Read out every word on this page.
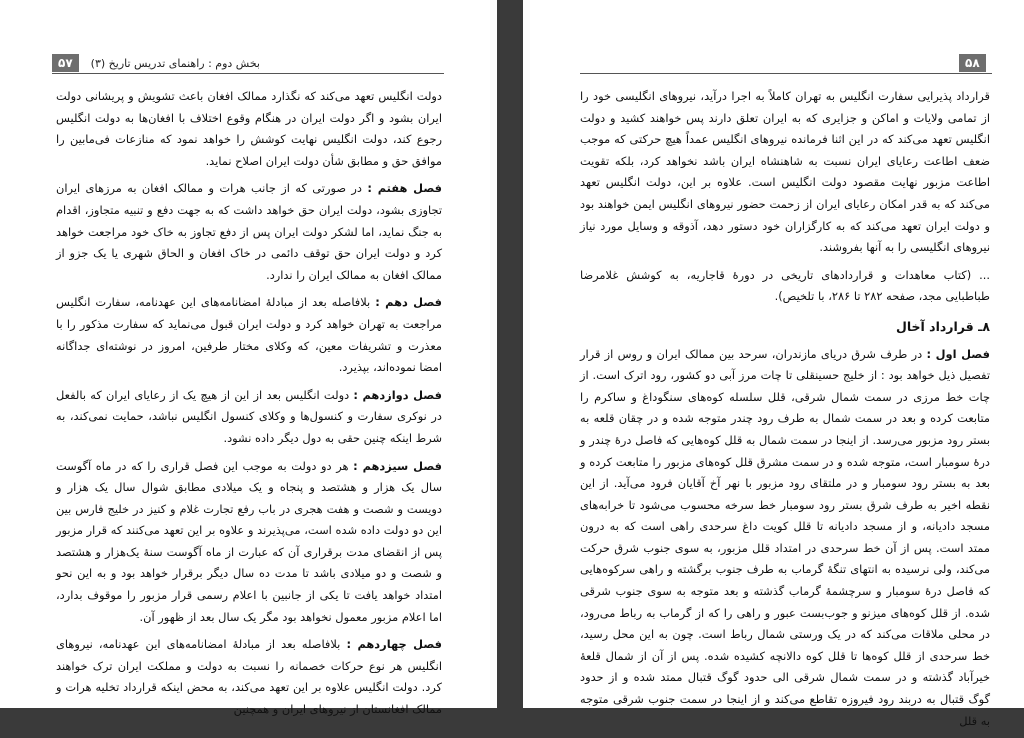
۵۷	بخش دوم : راهنمای تدریس تاریخ (۳)

دولت انگلیس تعهد می‌کند که نگذارد ممالک افغان باعث تشویش و پریشانی دولت ایران بشود و اگر دولت ایران در هنگام وقوع اختلاف با افغان‌ها به دولت انگلیس رجوع کند، دولت انگلیس نهایت کوشش را خواهد نمود که منازعات فی‌مابین را موافق حق و مطابق شأن دولت ایران اصلاح نماید.

فصل هفتم : در صورتی که از جانب هرات و ممالک افغان به مرزهای ایران تجاوزی بشود، دولت ایران حق خواهد داشت که به جهت دفع و تنبیه متجاوز، اقدام به جنگ نماید، اما لشکر دولت ایران پس از دفع تجاوز به خاک خود مراجعت خواهد کرد و دولت ایران حق توقف دائمی در خاک افغان و الحاق شهری یا یک جزو از ممالک افغان به ممالک ایران را ندارد.

فصل دهم : بلافاصله بعد از مبادلهٔ امضانامه‌های این عهدنامه، سفارت انگلیس مراجعت به تهران خواهد کرد و دولت ایران قبول می‌نماید که سفارت مذکور را با معذرت و تشریفات معین، که وکلای مختار طرفین، امروز در نوشته‌ای جداگانه امضا نموده‌اند، بپذیرد.

فصل دوازدهم : دولت انگلیس بعد از این از هیچ یک از رعایای ایران که بالفعل در نوکری سفارت و کنسول‌ها و وکلای کنسول انگلیس نباشد، حمایت نمی‌کند، به شرط اینکه چنین حقی به دول دیگر داده نشود.

فصل سیزدهم : هر دو دولت به موجب این فصل قراری را که در ماه آگوست سال یک هزار و هشتصد و پنجاه و یک میلادی مطابق شوال سال یک هزار و دویست و شصت و هفت هجری در باب رفع تجارت غلام و کنیز در خلیج فارس بین این دو دولت داده شده است، می‌پذیرند و علاوه بر این تعهد می‌کنند که قرار مزبور پس از انقضای مدت برقراری آن که عبارت از ماه آگوست سنهٔ یک‌هزار و هشتصد و شصت و دو میلادی باشد تا مدت ده سال دیگر برقرار خواهد بود و به این نحو امتداد خواهد یافت تا یکی از جانبین با اعلام رسمی قرار مزبور را موقوف بدارد، اما اعلام مزبور معمول نخواهد بود مگر یک سال بعد از ظهور آن.

فصل چهاردهم : بلافاصله بعد از مبادلهٔ امضانامه‌های این عهدنامه، نیروهای انگلیس هر نوع حرکات خصمانه را نسبت به دولت و مملکت ایران ترک خواهند کرد. دولت انگلیس علاوه بر این تعهد می‌کند، به محض اینکه قرارداد تخلیه هرات و ممالک افغانستان از نیروهای ایران و همچنین

۵۸

قرارداد پذیرایی سفارت انگلیس به تهران کاملاً به اجرا درآید، نیروهای انگلیسی خود را از تمامی ولایات و اماکن و جزایری که به ایران تعلق دارند پس خواهند کشید و دولت انگلیس تعهد می‌کند که در این اثنا فرمانده نیروهای انگلیس عمداً هیچ حرکتی که موجب ضعف اطاعت رعایای ایران نسبت به شاهنشاه ایران باشد نخواهد کرد، بلکه تقویت اطاعت مزبور نهایت مقصود دولت انگلیس است. علاوه بر این، دولت انگلیس تعهد می‌کند که به قدر امکان رعایای ایران از زحمت حضور نیروهای انگلیس ایمن خواهند بود و دولت ایران تعهد می‌کند که به کارگزاران خود دستور دهد، آذوقه و وسایل مورد نیاز نیروهای انگلیسی را به آنها بفروشند.

... (کتاب معاهدات و قراردادهای تاریخی در دورهٔ قاجاریه، به کوشش غلامرضا طباطبایی مجد، صفحه ۲۸۲ تا ۲۸۶، با تلخیص).

۸ـ قرارداد آخال

فصل اول : در طرف شرق دریای مازندران، سرحد بین ممالک ایران و روس از قرار تفصیل ذیل خواهد بود : از خلیج حسینقلی تا چات مرز آبی دو کشور، رود اترک است. از چات خط مرزی در سمت شمال شرقی، قلل سلسله کوه‌های سنگوداغ و ساکرم را متابعت کرده و بعد در سمت شمال به طرف رود چندر متوجه شده و در چقان قلعه به بستر رود مزبور می‌رسد. از اینجا در سمت شمال به قلل کوه‌هایی که فاصل درهٔ چندر و درهٔ سومبار است، متوجه شده و در سمت مشرق قلل کوه‌های مزبور را متابعت کرده و بعد به بستر رود سومبار و در ملتقای رود مزبور با نهر آخ آقایان فرود می‌آید. از این نقطه اخیر به طرف شرق بستر رود سومبار خط سرخه محسوب می‌شود تا خرابه‌های مسجد دادیانه، و از مسجد دادیانه تا قلل کویت داغ سرحدی راهی است که به درون ممتد است. پس از آن خط سرحدی در امتداد قلل مزبور، به سوی جنوب شرق حرکت می‌کند، ولی نرسیده به انتهای تنگهٔ گرماب به طرف جنوب برگشته و راهی سرکوه‌هایی که فاصل درهٔ سومبار و سرچشمهٔ گرماب گذشته و بعد متوجه به سوی جنوب شرقی شده. از قلل کوه‌های میزنو و جوب‌بست عبور و راهی را که از گرماب به رباط می‌رود، در محلی ملاقات می‌کند که در یک ورستی شمال رباط است. چون به این محل رسید، خط سرحدی از قلل کوه‌ها تا قلل کوه دالانچه کشیده شده. پس از آن از شمال قلعهٔ خیرآباد گذشته و در سمت شمال شرقی الی حدود گوگ قتبال ممتد شده و از حدود گوگ قتبال به دربند رود فیروزه تقاطع می‌کند و از اینجا در سمت جنوب شرقی متوجه به قلل
